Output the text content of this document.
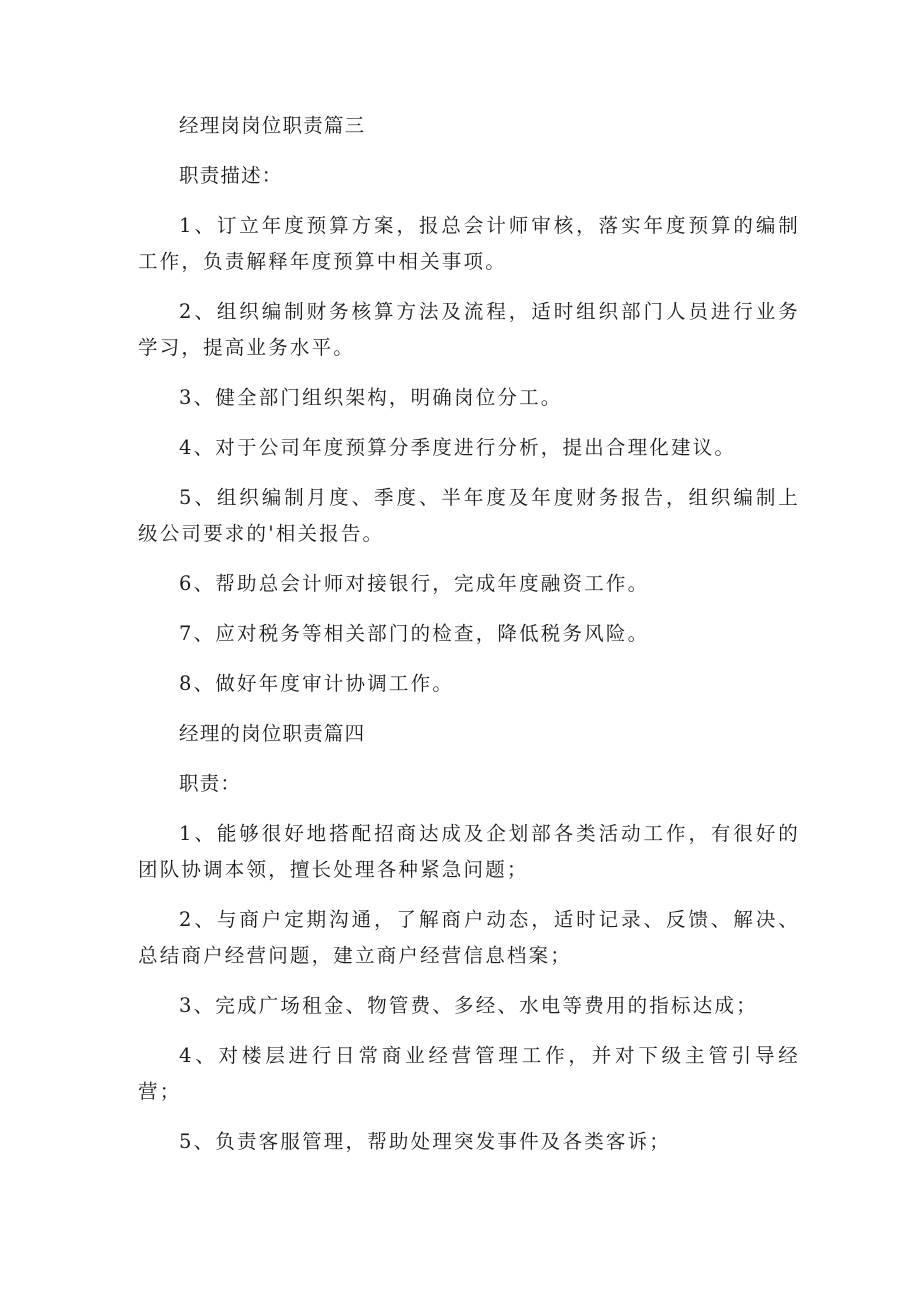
经理岗岗位职责篇三

职责描述：

1、订立年度预算方案，报总会计师审核，落实年度预算的编制工作，负责解释年度预算中相关事项。

2、组织编制财务核算方法及流程，适时组织部门人员进行业务学习，提高业务水平。

3、健全部门组织架构，明确岗位分工。

4、对于公司年度预算分季度进行分析，提出合理化建议。

5、组织编制月度、季度、半年度及年度财务报告，组织编制上级公司要求的'相关报告。

6、帮助总会计师对接银行，完成年度融资工作。

7、应对税务等相关部门的检查，降低税务风险。

8、做好年度审计协调工作。

经理的岗位职责篇四

职责：

1、能够很好地搭配招商达成及企划部各类活动工作，有很好的团队协调本领，擅长处理各种紧急问题；

2、与商户定期沟通，了解商户动态，适时记录、反馈、解决、总结商户经营问题，建立商户经营信息档案；

3、完成广场租金、物管费、多经、水电等费用的指标达成；

4、对楼层进行日常商业经营管理工作，并对下级主管引导经营；

5、负责客服管理，帮助处理突发事件及各类客诉；
